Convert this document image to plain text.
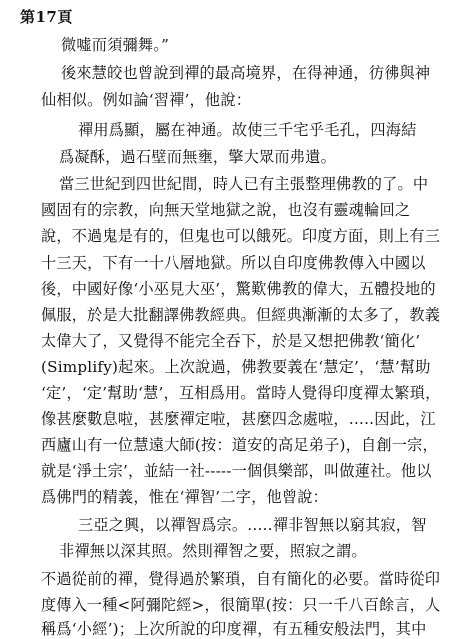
第17頁
微噓而須彌舞。”
後來慧皎也曾說到禪的最高境界，在得神通，彷彿與神
仙相似。例如論‘習禪’，他說：
禪用爲顯，屬在神通。故使三千宅乎毛孔，四海結
爲凝酥，過石壁而無壅，擎大眾而弗遺。
當三世紀到四世紀間，時人已有主張整理佛教的了。中
國固有的宗教，向無天堂地獄之說，也沒有靈魂輪回之
說，不過鬼是有的，但鬼也可以餓死。印度方面，則上有三
十三天，下有一十八層地獄。所以自印度佛教傳入中國以
後，中國好像‘小巫見大巫’，驚歎佛教的偉大，五體投地的
佩服，於是大批翻譯佛教經典。但經典漸漸的太多了，教義
太偉大了，又覺得不能完全吞下，於是又想把佛教‘簡化’
(Simplify)起來。上次說過，佛教要義在‘慧定’，‘慧’幫助
‘定’，‘定’幫助‘慧’，互相爲用。當時人覺得印度禪太繁瑣，
像甚麼數息啦，甚麼禪定啦，甚麼四念處啦，…..因此，江
西廬山有一位慧遠大師(按：道安的高足弟子)，自創一宗，
就是‘淨土宗’，並結一社-----一個俱樂部，叫做蓮社。他以
爲佛門的精義，惟在‘禪智’二字，他曾說：
三亞之興，以禪智爲宗。…..禪非智無以窮其寂，智
非禪無以深其照。然則禪智之要，照寂之謂。
不過從前的禪，覺得過於繁瑣，自有簡化的必要。當時從印
度傳入一種<阿彌陀經>，很簡單(按：只一千八百餘言，人
稱爲‘小經’)；上次所說的印度禪，有五種安般法門，其中
